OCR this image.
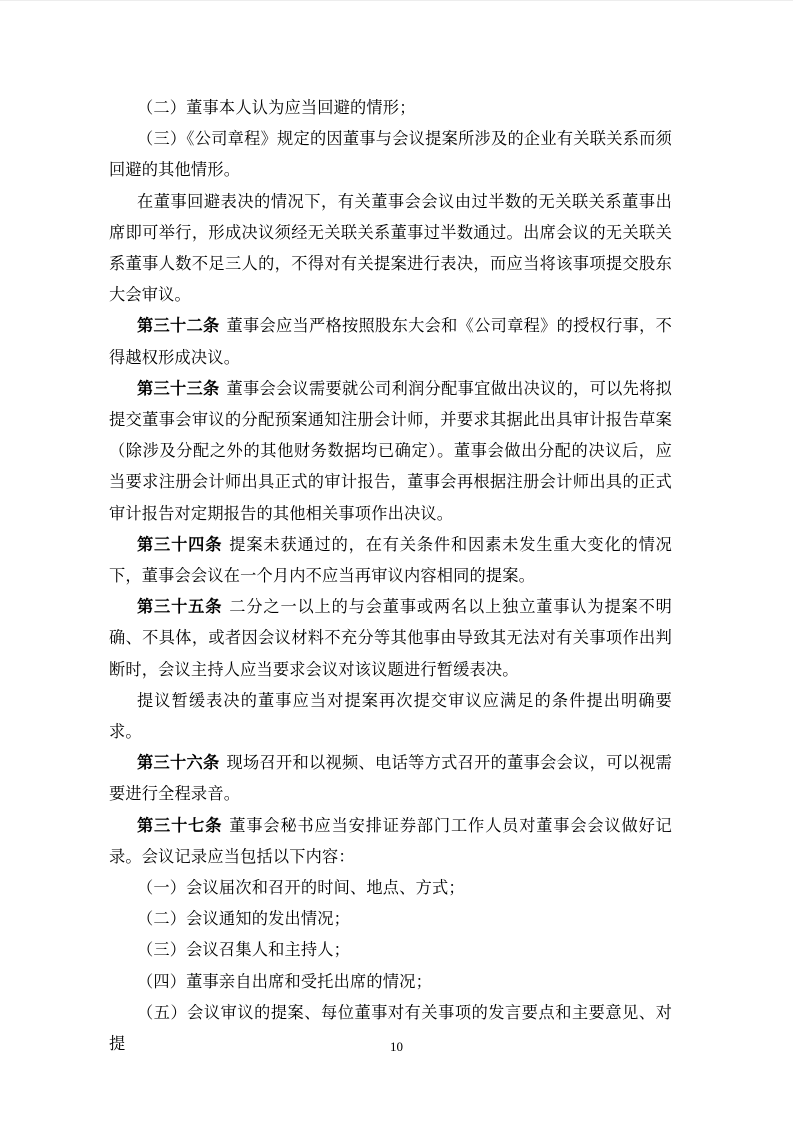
（二）董事本人认为应当回避的情形；

（三）《公司章程》规定的因董事与会议提案所涉及的企业有关联关系而须回避的其他情形。

在董事回避表决的情况下，有关董事会会议由过半数的无关联关系董事出席即可举行，形成决议须经无关联关系董事过半数通过。出席会议的无关联关系董事人数不足三人的，不得对有关提案进行表决，而应当将该事项提交股东大会审议。

第三十二条 董事会应当严格按照股东大会和《公司章程》的授权行事，不得越权形成决议。

第三十三条 董事会会议需要就公司利润分配事宜做出决议的，可以先将拟提交董事会审议的分配预案通知注册会计师，并要求其据此出具审计报告草案（除涉及分配之外的其他财务数据均已确定）。董事会做出分配的决议后，应当要求注册会计师出具正式的审计报告，董事会再根据注册会计师出具的正式审计报告对定期报告的其他相关事项作出决议。

第三十四条 提案未获通过的，在有关条件和因素未发生重大变化的情况下，董事会会议在一个月内不应当再审议内容相同的提案。

第三十五条 二分之一以上的与会董事或两名以上独立董事认为提案不明确、不具体，或者因会议材料不充分等其他事由导致其无法对有关事项作出判断时，会议主持人应当要求会议对该议题进行暂缓表决。

提议暂缓表决的董事应当对提案再次提交审议应满足的条件提出明确要求。

第三十六条 现场召开和以视频、电话等方式召开的董事会会议，可以视需要进行全程录音。

第三十七条 董事会秘书应当安排证券部门工作人员对董事会会议做好记录。会议记录应当包括以下内容：

（一）会议届次和召开的时间、地点、方式；

（二）会议通知的发出情况；

（三）会议召集人和主持人；

（四）董事亲自出席和受托出席的情况；

（五）会议审议的提案、每位董事对有关事项的发言要点和主要意见、对提	10
